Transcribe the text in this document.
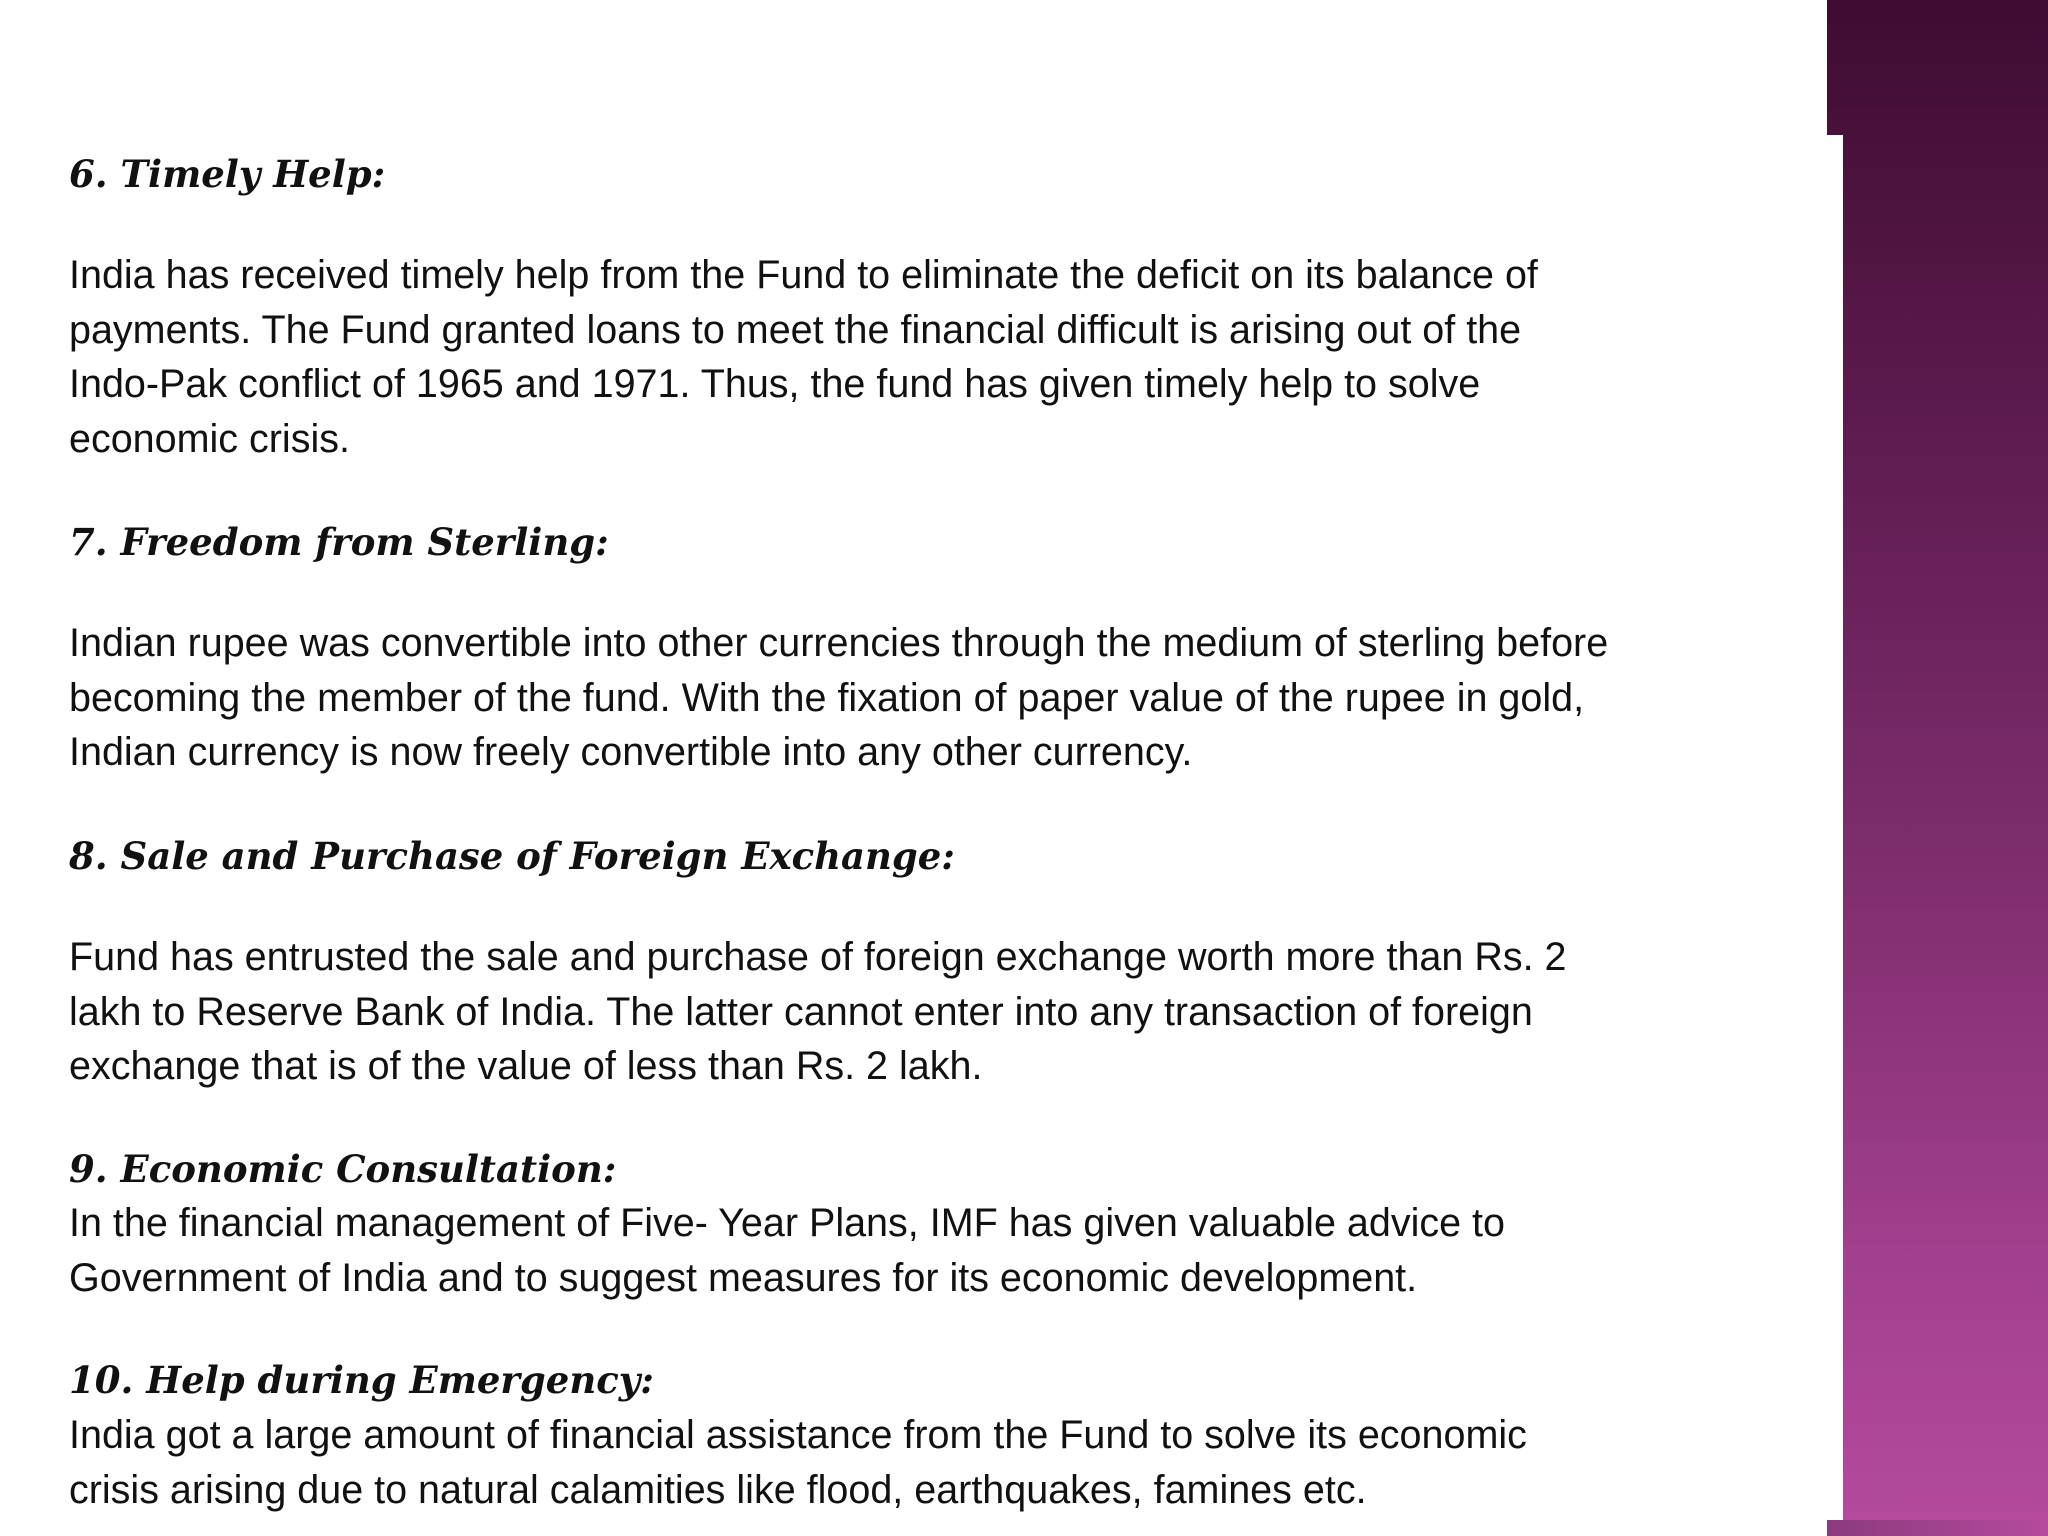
6. Timely Help:
India has received timely help from the Fund to eliminate the deficit on its balance of
payments. The Fund granted loans to meet the financial difficult is arising out of the
Indo-Pak conflict of 1965 and 1971. Thus, the fund has given timely help to solve
economic crisis.
7. Freedom from Sterling:
Indian rupee was convertible into other currencies through the medium of sterling before
becoming the member of the fund. With the fixation of paper value of the rupee in gold,
Indian currency is now freely convertible into any other currency.
8. Sale and Purchase of Foreign Exchange:
Fund has entrusted the sale and purchase of foreign exchange worth more than Rs. 2
lakh to Reserve Bank of India. The latter cannot enter into any transaction of foreign
exchange that is of the value of less than Rs. 2 lakh.
9. Economic Consultation:
In the financial management of Five- Year Plans, IMF has given valuable advice to
Government of India and to suggest measures for its economic development.
10. Help during Emergency:
India got a large amount of financial assistance from the Fund to solve its economic
crisis arising due to natural calamities like flood, earthquakes, famines etc.
